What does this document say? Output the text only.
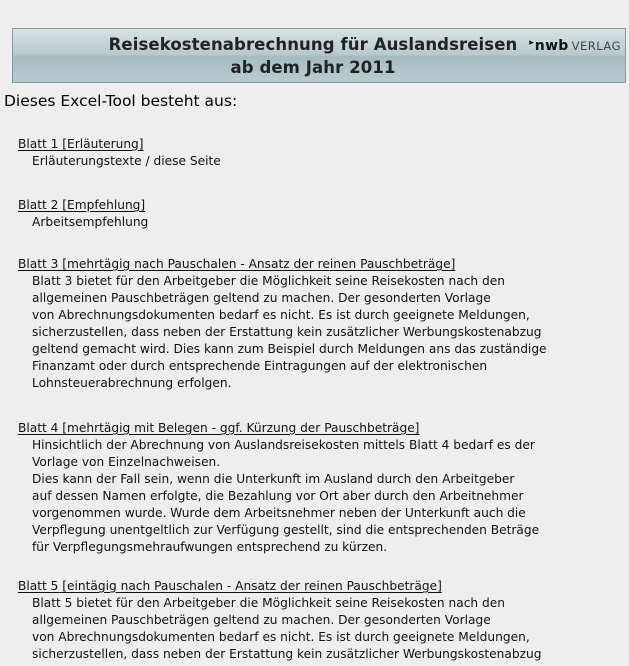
Reisekostenabrechnung für Auslandsreisen
ab dem Jahr 2011
▸nwb VERLAG
Dieses Excel-Tool besteht aus:
Blatt 1 [Erläuterung]
Erläuterungstexte / diese Seite
Blatt 2 [Empfehlung]
Arbeitsempfehlung
Blatt 3 [mehrtägig nach Pauschalen - Ansatz der reinen Pauschbeträge]
Blatt 3 bietet für den Arbeitgeber die Möglichkeit seine Reisekosten nach den
allgemeinen Pauschbeträgen geltend zu machen. Der gesonderten Vorlage
von Abrechnungsdokumenten bedarf es nicht. Es ist durch geeignete Meldungen,
sicherzustellen, dass neben der Erstattung kein zusätzlicher Werbungskostenabzug
geltend gemacht wird. Dies kann zum Beispiel durch Meldungen ans das zuständige
Finanzamt oder durch entsprechende Eintragungen auf der elektronischen
Lohnsteuerabrechnung erfolgen.
Blatt 4 [mehrtägig mit Belegen - ggf. Kürzung der Pauschbeträge]
Hinsichtlich der Abrechnung von Auslandsreisekosten mittels Blatt 4 bedarf es der
Vorlage von Einzelnachweisen.
Dies kann der Fall sein, wenn die Unterkunft im Ausland durch den Arbeitgeber
auf dessen Namen erfolgte, die Bezahlung vor Ort aber durch den Arbeitnehmer
vorgenommen wurde. Wurde dem Arbeitsnehmer neben der Unterkunft auch die
Verpflegung unentgeltlich zur Verfügung gestellt, sind die entsprechenden Beträge
für Verpflegungsmehraufwungen entsprechend zu kürzen.
Blatt 5 [eintägig nach Pauschalen - Ansatz der reinen Pauschbeträge]
Blatt 5 bietet für den Arbeitgeber die Möglichkeit seine Reisekosten nach den
allgemeinen Pauschbeträgen geltend zu machen. Der gesonderten Vorlage
von Abrechnungsdokumenten bedarf es nicht. Es ist durch geeignete Meldungen,
sicherzustellen, dass neben der Erstattung kein zusätzlicher Werbungskostenabzug
